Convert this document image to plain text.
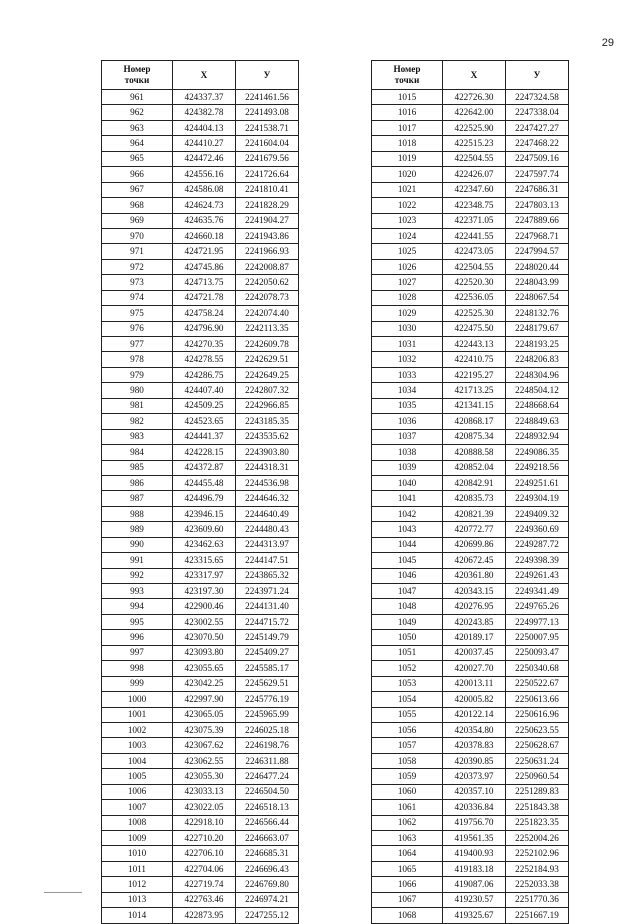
29
Номер
точки	Х	У
961	424337.37	2241461.56
962	424382.78	2241493.08
963	424404.13	2241538.71
964	424410.27	2241604.04
965	424472.46	2241679.56
966	424556.16	2241726.64
967	424586.08	2241810.41
968	424624.73	2241828.29
969	424635.76	2241904.27
970	424660.18	2241943.86
971	424721.95	2241966.93
972	424745.86	2242008.87
973	424713.75	2242050.62
974	424721.78	2242078.73
975	424758.24	2242074.40
976	424796.90	2242113.35
977	424270.35	2242609.78
978	424278.55	2242629.51
979	424286.75	2242649.25
980	424407.40	2242807.32
981	424509.25	2242966.85
982	424523.65	2243185.35
983	424441.37	2243535.62
984	424228.15	2243903.80
985	424372.87	2244318.31
986	424455.48	2244536.98
987	424496.79	2244646.32
988	423946.15	2244640.49
989	423609.60	2244480.43
990	423462.63	2244313.97
991	423315.65	2244147.51
992	423317.97	2243865.32
993	423197.30	2243971.24
994	422900.46	2244131.40
995	423002.55	2244715.72
996	423070.50	2245149.79
997	423093.80	2245409.27
998	423055.65	2245585.17
999	423042.25	2245629.51
1000	422997.90	2245776.19
1001	423065.05	2245965.99
1002	423075.39	2246025.18
1003	423067.62	2246198.76
1004	423062.55	2246311.88
1005	423055.30	2246477.24
1006	423033.13	2246504.50
1007	423022.05	2246518.13
1008	422918.10	2246566.44
1009	422710.20	2246663.07
1010	422706.10	2246685.31
1011	422704.06	2246696.43
1012	422719.74	2246769.80
1013	422763.46	2246974.21
1014	422873.95	2247255.12
Номер
точки	Х	У
1015	422726.30	2247324.58
1016	422642.00	2247338.04
1017	422525.90	2247427.27
1018	422515.23	2247468.22
1019	422504.55	2247509.16
1020	422426.07	2247597.74
1021	422347.60	2247686.31
1022	422348.75	2247803.13
1023	422371.05	2247889.66
1024	422441.55	2247968.71
1025	422473.05	2247994.57
1026	422504.55	2248020.44
1027	422520.30	2248043.99
1028	422536.05	2248067.54
1029	422525.30	2248132.76
1030	422475.50	2248179.67
1031	422443.13	2248193.25
1032	422410.75	2248206.83
1033	422195.27	2248304.96
1034	421713.25	2248504.12
1035	421341.15	2248668.64
1036	420868.17	2248849.63
1037	420875.34	2248932.94
1038	420888.58	2249086.35
1039	420852.04	2249218.56
1040	420842.91	2249251.61
1041	420835.73	2249304.19
1042	420821.39	2249409.32
1043	420772.77	2249360.69
1044	420699.86	2249287.72
1045	420672.45	2249398.39
1046	420361.80	2249261.43
1047	420343.15	2249341.49
1048	420276.95	2249765.26
1049	420243.85	2249977.13
1050	420189.17	2250007.95
1051	420037.45	2250093.47
1052	420027.70	2250340.68
1053	420013.11	2250522.67
1054	420005.82	2250613.66
1055	420122.14	2250616.96
1056	420354.80	2250623.55
1057	420378.83	2250628.67
1058	420390.85	2250631.24
1059	420373.97	2250960.54
1060	420357.10	2251289.83
1061	420336.84	2251843.38
1062	419756.70	2251823.35
1063	419561.35	2252004.26
1064	419400.93	2252102.96
1065	419183.18	2252184.93
1066	419087.06	2252033.38
1067	419230.57	2251770.36
1068	419325.67	2251667.19
